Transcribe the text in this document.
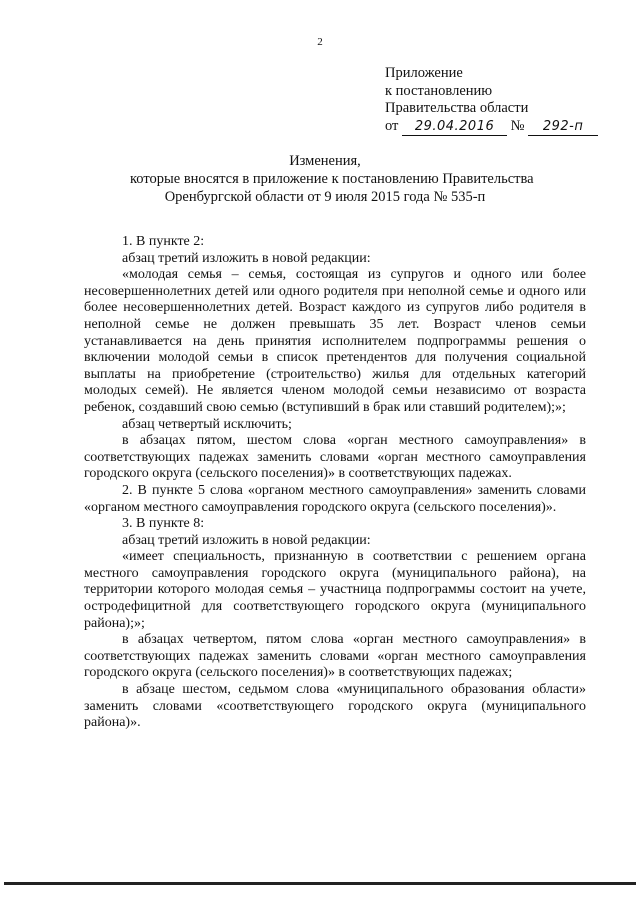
2
Приложение
к постановлению
Правительства области
от 29.04.2016 № 292-п
Изменения,
которые вносятся в приложение к постановлению Правительства
Оренбургской области от 9 июля 2015 года № 535-п

1. В пункте 2:

абзац третий изложить в новой редакции:

«молодая семья – семья, состоящая из супругов и одного или более несовершеннолетних детей или одного родителя при неполной семье и одного или более несовершеннолетних детей. Возраст каждого из супругов либо родителя в неполной семье не должен превышать 35 лет. Возраст членов семьи устанавливается на день принятия исполнителем подпрограммы решения о включении молодой семьи в список претендентов для получения социальной выплаты на приобретение (строительство) жилья для отдельных категорий молодых семей). Не является членом молодой семьи независимо от возраста ребенок, создавший свою семью (вступивший в брак или ставший родителем);»;

абзац четвертый исключить;

в абзацах пятом, шестом слова «орган местного самоуправления» в соответствующих падежах заменить словами «орган местного самоуправления городского округа (сельского поселения)» в соответствующих падежах.

2. В пункте 5 слова «органом местного самоуправления» заменить словами «органом местного самоуправления городского округа (сельского поселения)».

3. В пункте 8:

абзац третий изложить в новой редакции:

«имеет специальность, признанную в соответствии с решением органа местного самоуправления городского округа (муниципального района), на территории которого молодая семья – участница подпрограммы состоит на учете, остродефицитной для соответствующего городского округа (муниципального района);»;

в абзацах четвертом, пятом слова «орган местного самоуправления» в соответствующих падежах заменить словами «орган местного самоуправления городского округа (сельского поселения)» в соответствующих падежах;

в абзаце шестом, седьмом слова «муниципального образования области» заменить словами «соответствующего городского округа (муниципального района)».
